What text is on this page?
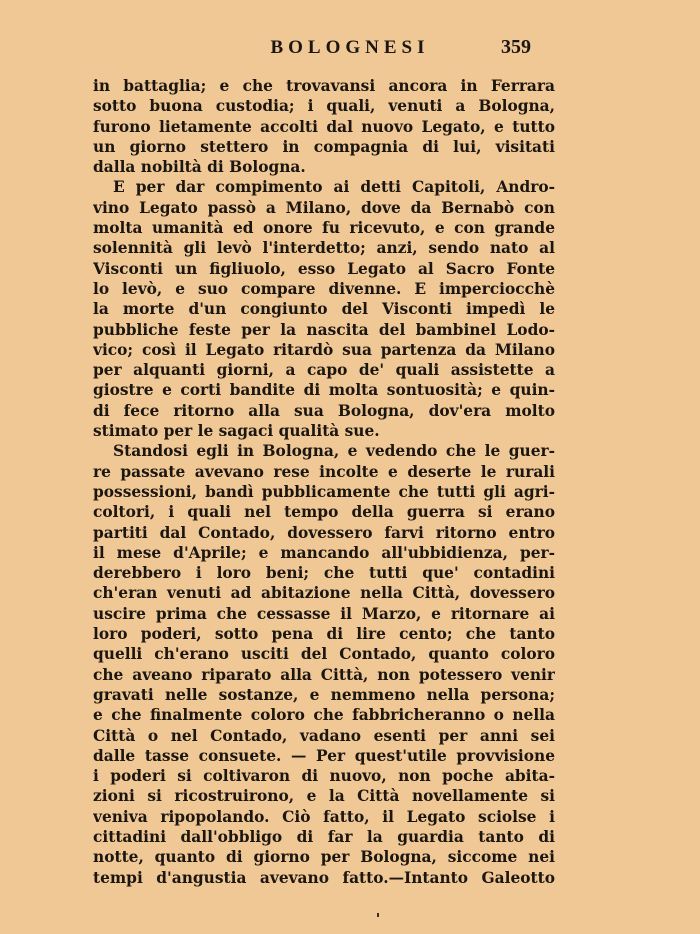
BOLOGNESI	359
in battaglia; e che trovavansi ancora in Ferrara
sotto buona custodia; i quali, venuti a Bologna,
furono lietamente accolti dal nuovo Legato, e tutto
un giorno stettero in compagnia di lui, visitati
dalla nobiltà di Bologna.
E per dar compimento ai detti Capitoli, Andro-
vino Legato passò a Milano, dove da Bernabò con
molta umanità ed onore fu ricevuto, e con grande
solennità gli levò l'interdetto; anzi, sendo nato al
Visconti un figliuolo, esso Legato al Sacro Fonte
lo levò, e suo compare divenne. E imperciocchè
la morte d'un congiunto del Visconti impedì le
pubbliche feste per la nascita del bambinel Lodo-
vico; così il Legato ritardò sua partenza da Milano
per alquanti giorni, a capo de' quali assistette a
giostre e corti bandite di molta sontuosità; e quin-
di fece ritorno alla sua Bologna, dov'era molto
stimato per le sagaci qualità sue.
Standosi egli in Bologna, e vedendo che le guer-
re passate avevano rese incolte e deserte le rurali
possessioni, bandì pubblicamente che tutti gli agri-
coltori, i quali nel tempo della guerra si erano
partiti dal Contado, dovessero farvi ritorno entro
il mese d'Aprile; e mancando all'ubbidienza, per-
derebbero i loro beni; che tutti que' contadini
ch'eran venuti ad abitazione nella Città, dovessero
uscire prima che cessasse il Marzo, e ritornare ai
loro poderi, sotto pena di lire cento; che tanto
quelli ch'erano usciti del Contado, quanto coloro
che aveano riparato alla Città, non potessero venir
gravati nelle sostanze, e nemmeno nella persona;
e che finalmente coloro che fabbricheranno o nella
Città o nel Contado, vadano esenti per anni sei
dalle tasse consuete. — Per quest'utile provvisione
i poderi si coltivaron di nuovo, non poche abita-
zioni si ricostruirono, e la Città novellamente si
veniva ripopolando. Ciò fatto, il Legato sciolse i
cittadini dall'obbligo di far la guardia tanto di
notte, quanto di giorno per Bologna, siccome nei
tempi d'angustia avevano fatto.—Intanto Galeotto
